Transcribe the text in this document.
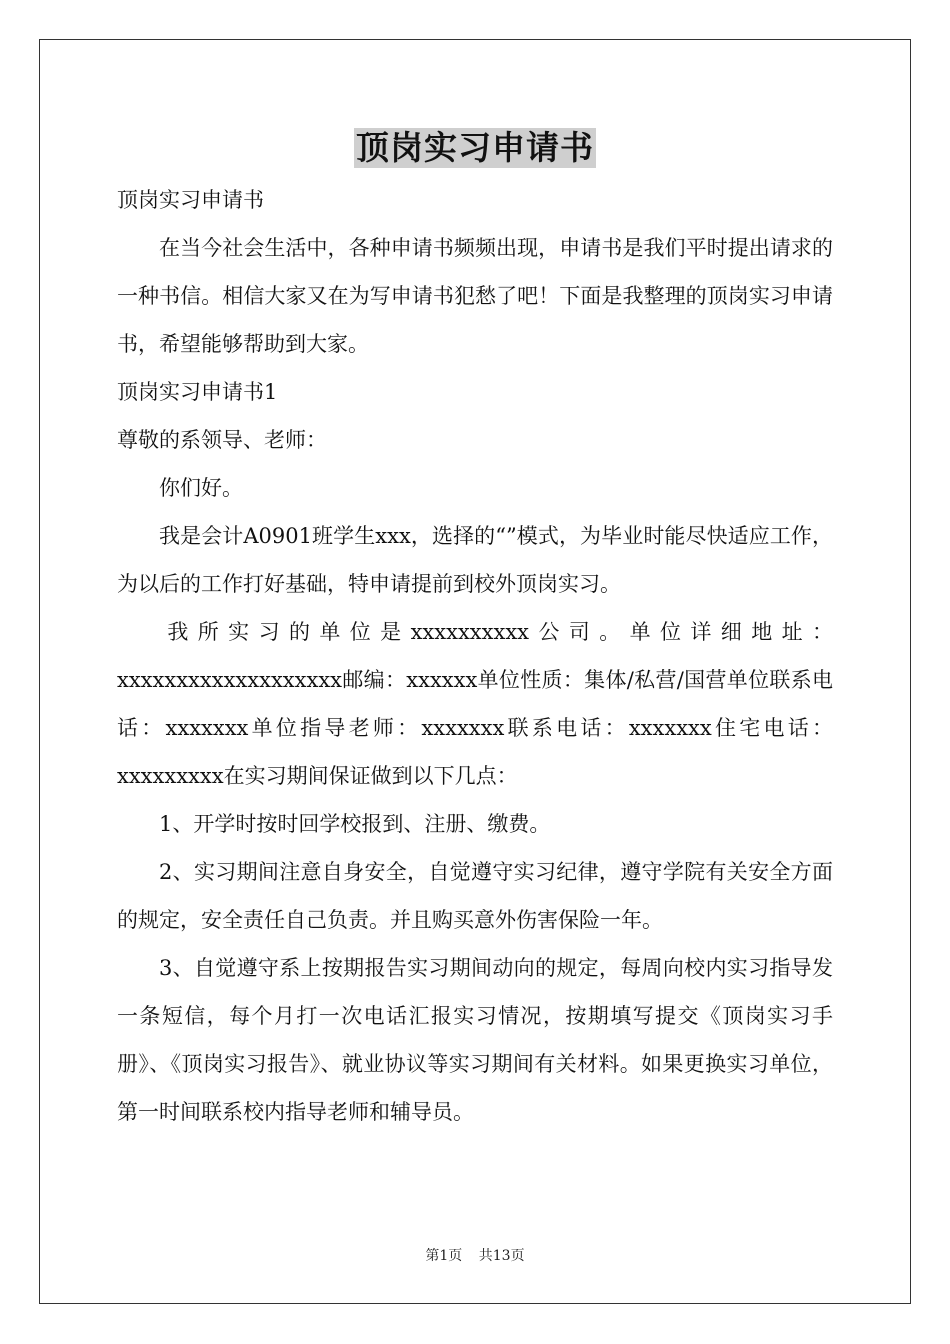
顶岗实习申请书

顶岗实习申请书

在当今社会生活中，各种申请书频频出现，申请书是我们平时提出请求的一种书信。相信大家又在为写申请书犯愁了吧！下面是我整理的顶岗实习申请书，希望能够帮助到大家。

顶岗实习申请书1

尊敬的系领导、老师：

你们好。

我是会计A0901班学生xxx，选择的“”模式，为毕业时能尽快适应工作，为以后的工作打好基础，特申请提前到校外顶岗实习。

我所实习的单位是xxxxxxxxxx公司。单位详细地址：xxxxxxxxxxxxxxxxxxx邮编：xxxxxx单位性质：集体/私营/国营单位联系电话：xxxxxxx单位指导老师：xxxxxxx联系电话：xxxxxxx住宅电话：xxxxxxxxx在实习期间保证做到以下几点：

1、开学时按时回学校报到、注册、缴费。

2、实习期间注意自身安全，自觉遵守实习纪律，遵守学院有关安全方面的规定，安全责任自己负责。并且购买意外伤害保险一年。

3、自觉遵守系上按期报告实习期间动向的规定，每周向校内实习指导发一条短信，每个月打一次电话汇报实习情况，按期填写提交《顶岗实习手册》、《顶岗实习报告》、就业协议等实习期间有关材料。如果更换实习单位，第一时间联系校内指导老师和辅导员。

第1页 共13页
